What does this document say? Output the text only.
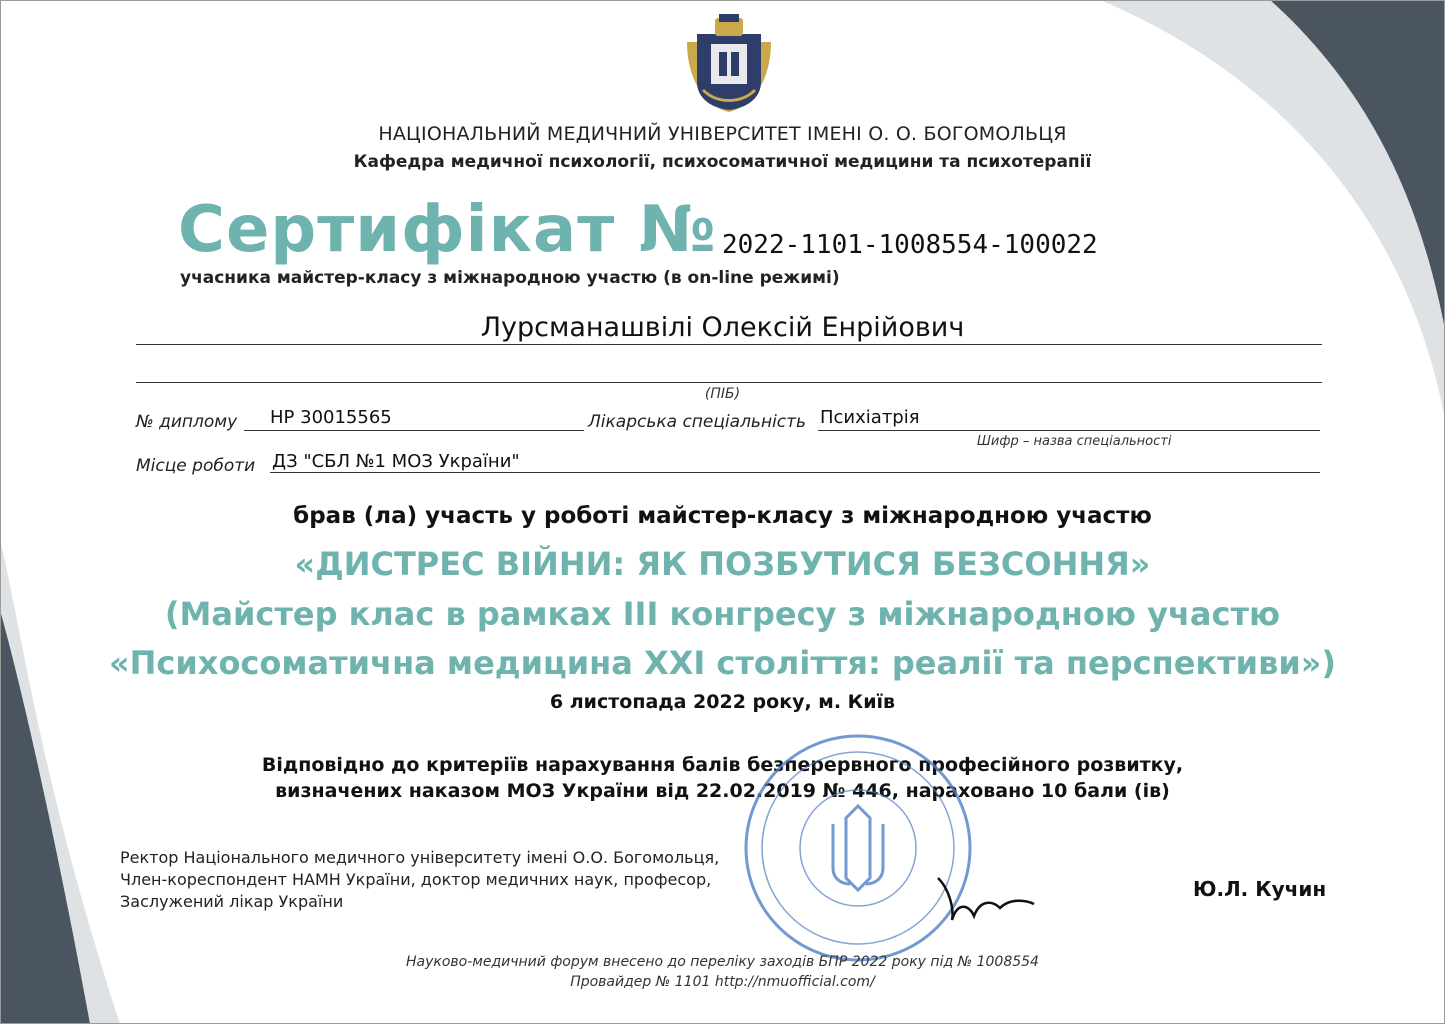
НАЦІОНАЛЬНИЙ МЕДИЧНИЙ УНІВЕРСИТЕТ ІМЕНІ О. О. БОГОМОЛЬЦЯ
Кафедра медичної психології, психосоматичної медицини та психотерапії
Сертифікат № 2022-1101-1008554-100022
учасника майстер-класу з міжнародною участю (в on-line режимі)
Лурсманашвілі Олексій Енрійович
(ПІБ)
№ диплому НР 30015565	Лікарська спеціальність Психіатрія
Шифр – назва спеціальності
Місце роботи ДЗ "СБЛ №1 МОЗ України"
брав (ла) участь у роботі майстер-класу з міжнародною участю
«ДИСТРЕС ВІЙНИ: ЯК ПОЗБУТИСЯ БЕЗСОННЯ»
(Майстер клас в рамках ІІІ конгресу з міжнародною участю
«Психосоматична медицина XXI століття: реалії та перспективи»)
6 листопада 2022 року, м. Київ
Відповідно до критеріїв нарахування балів безперервного професійного розвитку,
визначених наказом МОЗ України від 22.02.2019 № 446, нараховано 10 бали (ів)
Ректор Національного медичного університету імені О.О. Богомольця,
Член-кореспондент НАМН України, доктор медичних наук, професор,
Заслужений лікар України
Ю.Л. Кучин
Науково-медичний форум внесено до переліку заходів БПР 2022 року під № 1008554
Провайдер № 1101 http://nmuofficial.com/
